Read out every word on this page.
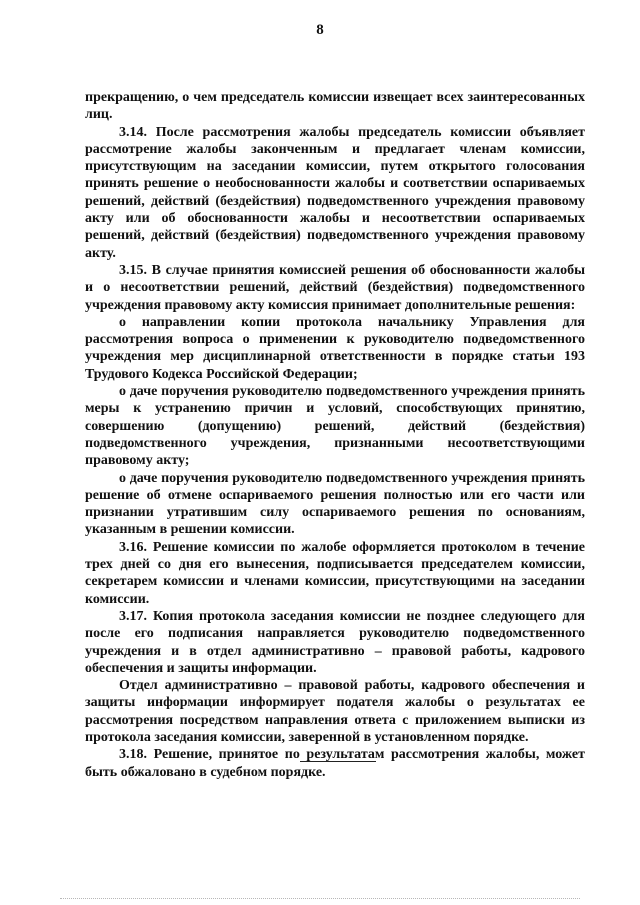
8

прекращению, о чем председатель комиссии извещает всех заинтересованных лиц.

3.14. После рассмотрения жалобы председатель комиссии объявляет рассмотрение жалобы законченным и предлагает членам комиссии, присутствующим на заседании комиссии, путем открытого голосования принять решение о необоснованности жалобы и соответствии оспариваемых решений, действий (бездействия) подведомственного учреждения правовому акту или об обоснованности жалобы и несоответствии оспариваемых решений, действий (бездействия) подведомственного учреждения правовому акту.

3.15. В случае принятия комиссией решения об обоснованности жалобы и о несоответствии решений, действий (бездействия) подведомственного учреждения правовому акту комиссия принимает дополнительные решения:

о направлении копии протокола начальнику Управления для рассмотрения вопроса о применении к руководителю подведомственного учреждения мер дисциплинарной ответственности в порядке статьи 193 Трудового Кодекса Российской Федерации;

о даче поручения руководителю подведомственного учреждения принять меры к устранению причин и условий, способствующих принятию, совершению (допущению) решений, действий (бездействия) подведомственного учреждения, признанными несоответствующими правовому акту;

о даче поручения руководителю подведомственного учреждения принять решение об отмене оспариваемого решения полностью или его части или признании утратившим силу оспариваемого решения по основаниям, указанным в решении комиссии.

3.16. Решение комиссии по жалобе оформляется протоколом в течение трех дней со дня его вынесения, подписывается председателем комиссии, секретарем комиссии и членами комиссии, присутствующими на заседании комиссии.

3.17. Копия протокола заседания комиссии не позднее следующего для после его подписания направляется руководителю подведомственного учреждения и в отдел административно – правовой работы, кадрового обеспечения и защиты информации.

Отдел административно – правовой работы, кадрового обеспечения и защиты информации информирует подателя жалобы о результатах ее рассмотрения посредством направления ответа с приложением выписки из протокола заседания комиссии, заверенной в установленном порядке.

3.18. Решение, принятое по результатам рассмотрения жалобы, может быть обжаловано в судебном порядке.
